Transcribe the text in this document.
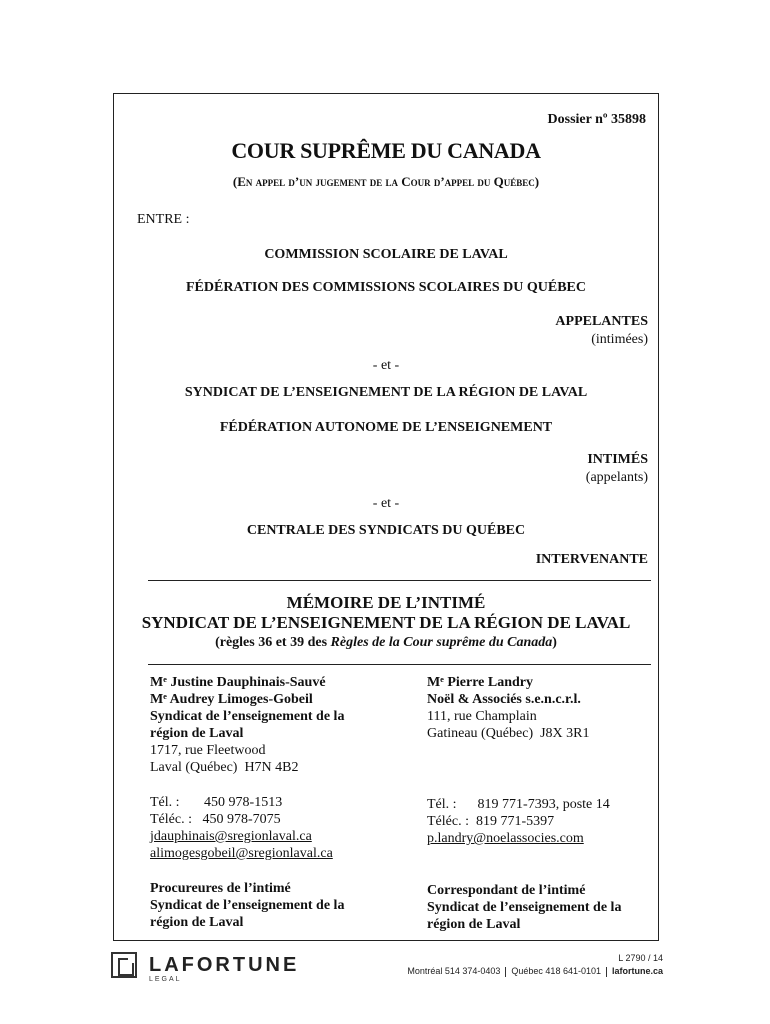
Dossier nº 35898
COUR SUPRÊME DU CANADA
(En appel d’un jugement de la Cour d’appel du Québec)
ENTRE :
COMMISSION SCOLAIRE DE LAVAL
FÉDÉRATION DES COMMISSIONS SCOLAIRES DU QUÉBEC
APPELANTES
(intimées)
- et -
SYNDICAT DE L’ENSEIGNEMENT DE LA RÉGION DE LAVAL
FÉDÉRATION AUTONOME DE L’ENSEIGNEMENT
INTIMÉS
(appelants)
- et -
CENTRALE DES SYNDICATS DU QUÉBEC
INTERVENANTE
MÉMOIRE DE L’INTIMÉ
SYNDICAT DE L’ENSEIGNEMENT DE LA RÉGION DE LAVAL
(règles 36 et 39 des Règles de la Cour suprême du Canada)
Mᵉ Justine Dauphinais-Sauvé
Mᵉ Audrey Limoges-Gobeil
Syndicat de l’enseignement de la
région de Laval
1717, rue Fleetwood
Laval (Québec)  H7N 4B2
Tél. :       450 978-1513
Téléc. :   450 978-7075
jdauphinais@sregionlaval.ca
alimogesgobeil@sregionlaval.ca
Procureures de l’intimé
Syndicat de l’enseignement de la
région de Laval
Mᵉ Pierre Landry
Noël & Associés s.e.n.c.r.l.
111, rue Champlain
Gatineau (Québec)  J8X 3R1
Tél. :      819 771-7393, poste 14
Téléc. :  819 771-5397
p.landry@noelassocies.com
Correspondant de l’intimé
Syndicat de l’enseignement de la
région de Laval
LAFORTUNE
LEGAL
L 2790 / 14
Montréal 514 374-0403 Québec 418 641-0101 lafortune.ca
